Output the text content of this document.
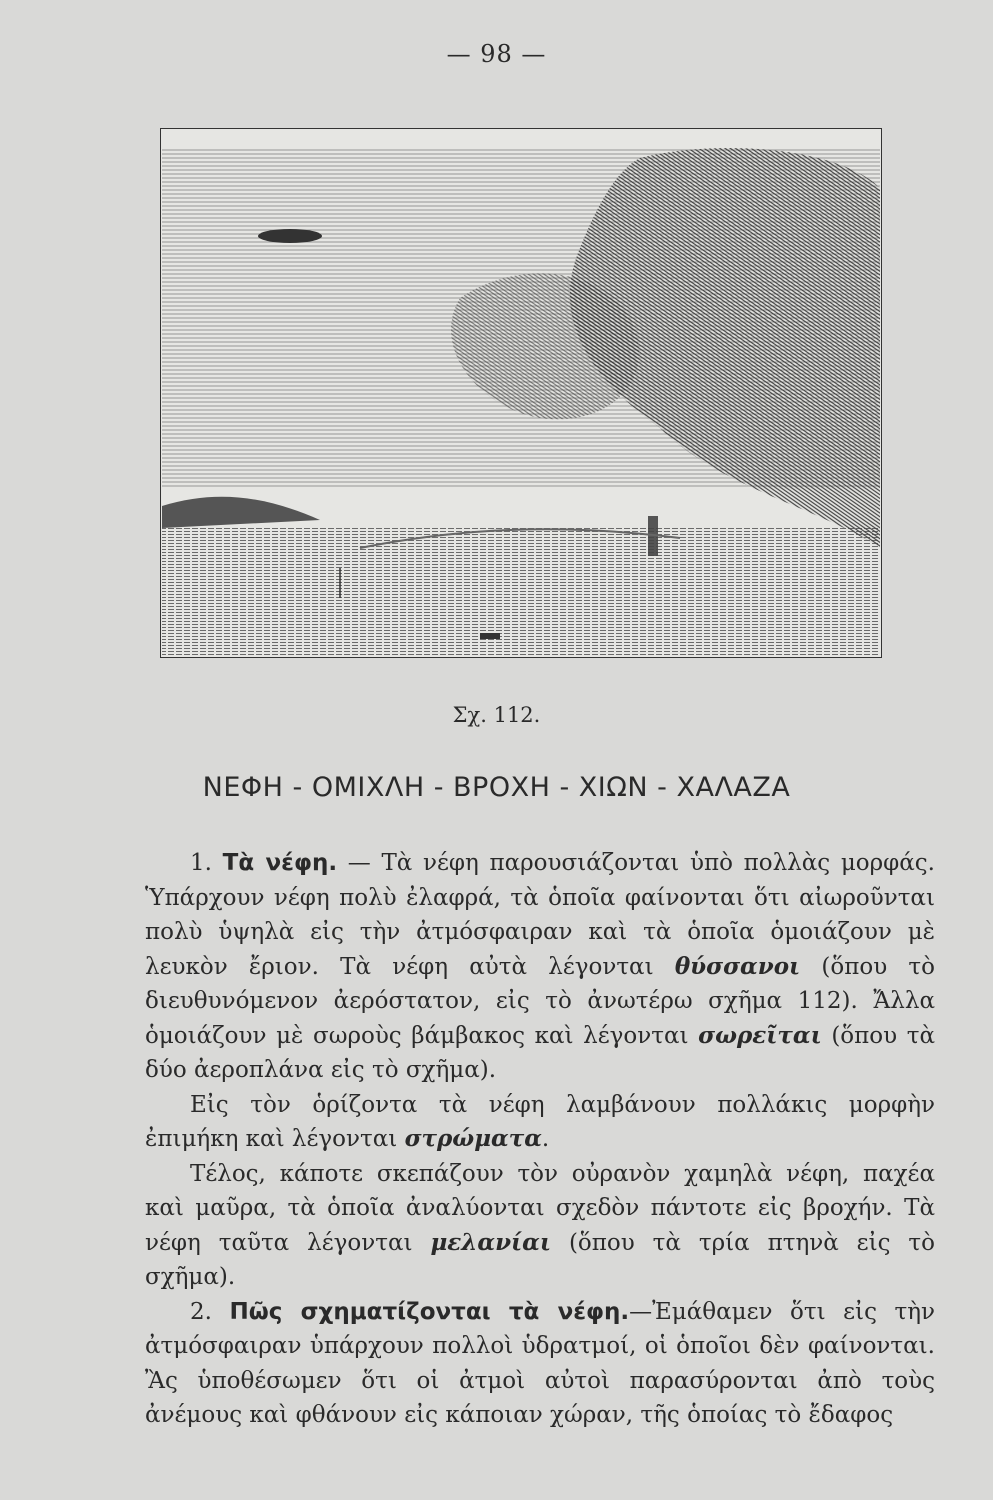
— 98 —
Σχ. 112.
ΝΕΦΗ - ΟΜΙΧΛΗ - ΒΡΟΧΗ - ΧΙΩΝ - ΧΑΛΑΖΑ

1. Τὰ νέφη. — Τὰ νέφη παρουσιάζονται ὑπὸ πολλὰς μορφάς. Ὑπάρχουν νέφη πολὺ ἐλαφρά, τὰ ὁποῖα φαίνονται ὅτι αἰωροῦνται πολὺ ὑψηλὰ εἰς τὴν ἀτμόσφαιραν καὶ τὰ ὁποῖα ὁμοιάζουν μὲ λευκὸν ἔριον. Τὰ νέφη αὐτὰ λέγονται θύσσανοι (ὅπου τὸ διευθυνόμενον ἀερόστατον, εἰς τὸ ἀνωτέρω σχῆμα 112). Ἄλλα ὁμοιάζουν μὲ σωροὺς βάμβακος καὶ λέγονται σωρεῖται (ὅπου τὰ δύο ἀεροπλάνα εἰς τὸ σχῆμα).

Εἰς τὸν ὁρίζοντα τὰ νέφη λαμβάνουν πολλάκις μορφὴν ἐπιμήκη καὶ λέγονται στρώματα.

Τέλος, κάποτε σκεπάζουν τὸν οὐρανὸν χαμηλὰ νέφη, παχέα καὶ μαῦρα, τὰ ὁποῖα ἀναλύονται σχεδὸν πάντοτε εἰς βροχήν. Τὰ νέφη ταῦτα λέγονται μελανίαι (ὅπου τὰ τρία πτηνὰ εἰς τὸ σχῆμα).

2. Πῶς σχηματίζονται τὰ νέφη.—Ἐμάθαμεν ὅτι εἰς τὴν ἀτμόσφαιραν ὑπάρχουν πολλοὶ ὑδρατμοί, οἱ ὁποῖοι δὲν φαίνονται. Ἂς ὑποθέσωμεν ὅτι οἱ ἀτμοὶ αὐτοὶ παρασύρονται ἀπὸ τοὺς ἀνέμους καὶ φθάνουν εἰς κάποιαν χώραν, τῆς ὁποίας τὸ ἔδαφος
